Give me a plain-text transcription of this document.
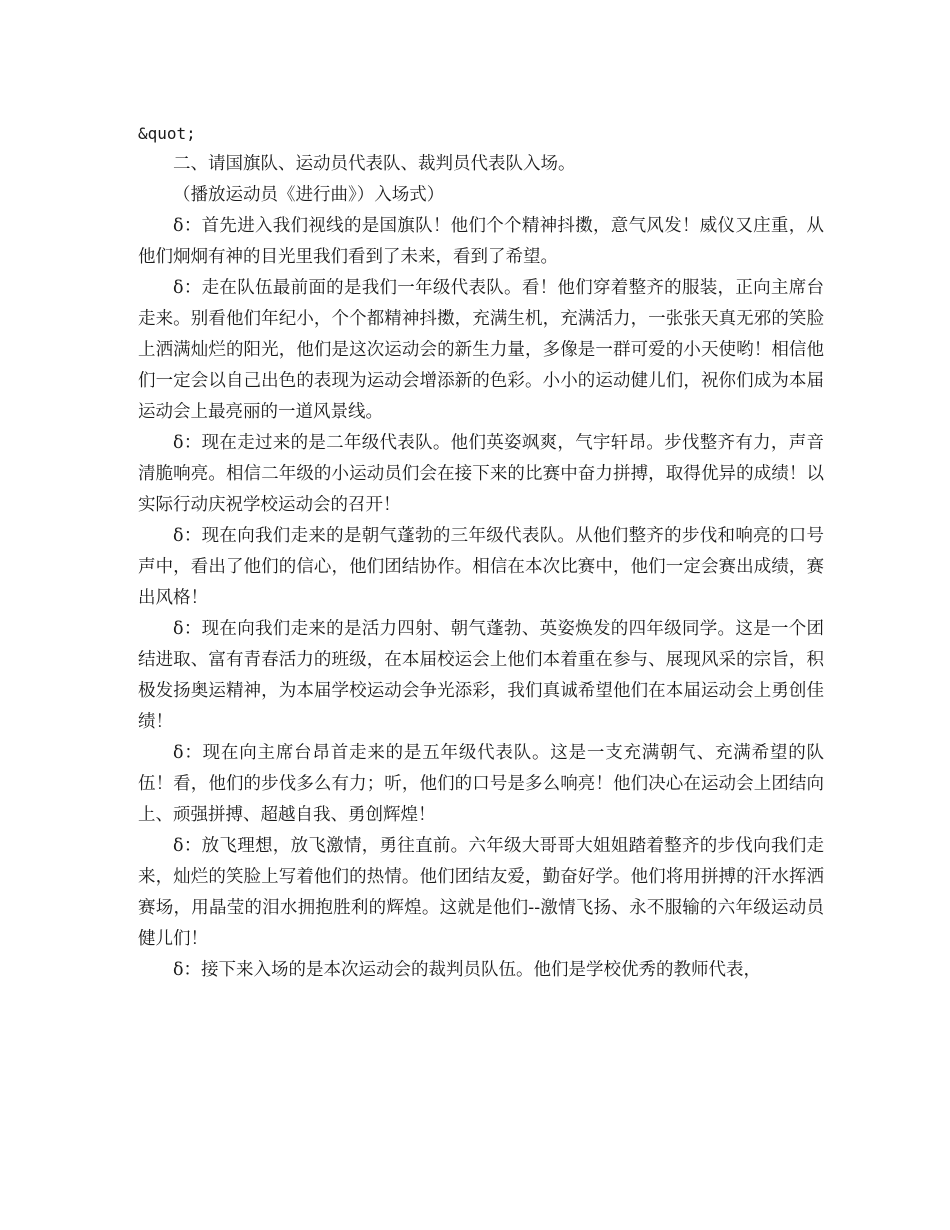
&quot;

二、请国旗队、运动员代表队、裁判员代表队入场。

（播放运动员《进行曲》）入场式）

δ：首先进入我们视线的是国旗队！他们个个精神抖擞，意气风发！威仪又庄重，从他们炯炯有神的目光里我们看到了未来，看到了希望。

δ：走在队伍最前面的是我们一年级代表队。看！他们穿着整齐的服装，正向主席台走来。别看他们年纪小，个个都精神抖擞，充满生机，充满活力，一张张天真无邪的笑脸上洒满灿烂的阳光，他们是这次运动会的新生力量，多像是一群可爱的小天使哟！相信他们一定会以自己出色的表现为运动会增添新的色彩。小小的运动健儿们，祝你们成为本届运动会上最亮丽的一道风景线。

δ：现在走过来的是二年级代表队。他们英姿飒爽，气宇轩昂。步伐整齐有力，声音清脆响亮。相信二年级的小运动员们会在接下来的比赛中奋力拼搏，取得优异的成绩！以实际行动庆祝学校运动会的召开！

δ：现在向我们走来的是朝气蓬勃的三年级代表队。从他们整齐的步伐和响亮的口号声中，看出了他们的信心，他们团结协作。相信在本次比赛中，他们一定会赛出成绩，赛出风格！

δ：现在向我们走来的是活力四射、朝气蓬勃、英姿焕发的四年级同学。这是一个团结进取、富有青春活力的班级，在本届校运会上他们本着重在参与、展现风采的宗旨，积极发扬奥运精神，为本届学校运动会争光添彩，我们真诚希望他们在本届运动会上勇创佳绩！

δ：现在向主席台昂首走来的是五年级代表队。这是一支充满朝气、充满希望的队伍！看，他们的步伐多么有力；听，他们的口号是多么响亮！他们决心在运动会上团结向上、顽强拼搏、超越自我、勇创辉煌！

δ：放飞理想，放飞激情，勇往直前。六年级大哥哥大姐姐踏着整齐的步伐向我们走来，灿烂的笑脸上写着他们的热情。他们团结友爱，勤奋好学。他们将用拼搏的汗水挥洒赛场，用晶莹的泪水拥抱胜利的辉煌。这就是他们--激情飞扬、永不服输的六年级运动员健儿们！

δ：接下来入场的是本次运动会的裁判员队伍。他们是学校优秀的教师代表，
